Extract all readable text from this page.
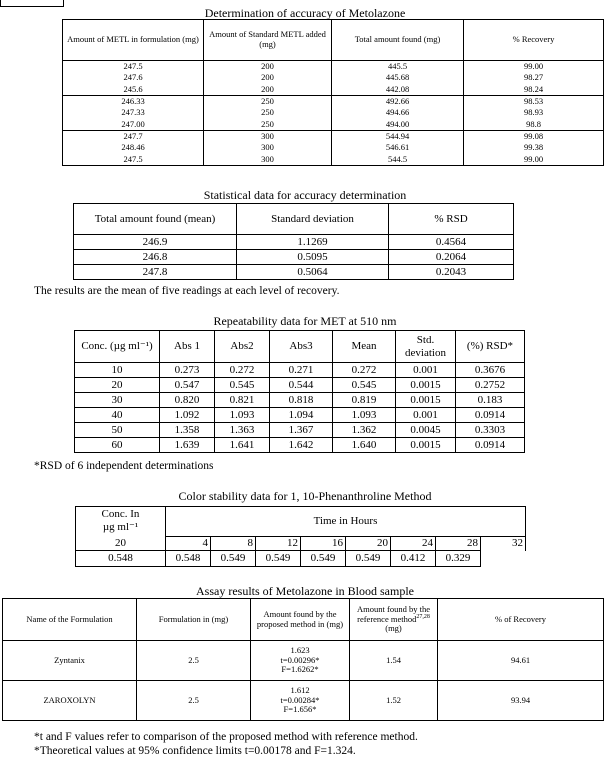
Determination of accuracy of Metolazone
Amount of METL in formulation (mg)	Amount of Standard METL added (mg)	Total amount found (mg)	% Recovery
247.5	200	445.5	99.00
247.6	200	445.68	98.27
245.6	200	442.08	98.24
246.33	250	492.66	98.53
247.33	250	494.66	98.93
247.00	250	494.00	98.8
247.7	300	544.94	99.08
248.46	300	546.61	99.38
247.5	300	544.5	99.00
Statistical data for accuracy determination
Total amount found (mean)	Standard deviation	% RSD
246.9	1.1269	0.4564
246.8	0.5095	0.2064
247.8	0.5064	0.2043
The results are the mean of five readings at each level of recovery.
Repeatability data for MET at 510 nm
Conc. (µg ml⁻¹)	Abs 1	Abs2	Abs3	Mean	Std. deviation	(%) RSD*
10	0.273	0.272	0.271	0.272	0.001	0.3676
20	0.547	0.545	0.544	0.545	0.0015	0.2752
30	0.820	0.821	0.818	0.819	0.0015	0.183
40	1.092	1.093	1.094	1.093	0.001	0.0914
50	1.358	1.363	1.367	1.362	0.0045	0.3303
60	1.639	1.641	1.642	1.640	0.0015	0.0914
*RSD of 6 independent determinations
Color stability data for 1, 10-Phenanthroline Method
Conc. In
µg ml⁻¹
20	Time in Hours							
	4	8	12	16	20	24	28	32
0.548	0.548	0.549	0.549	0.549	0.549	0.412	0.329	
Assay results of Metolazone in Blood sample
Name of the Formulation	Formulation in (mg)	Amount found by the proposed method in (mg)	Amount found by the reference method$^{27,28}$ (mg)	% of Recovery
Zyntanix	2.5	1.623
t=0.00296*
F=1.6262*	1.54	94.61
ZAROXOLYN	2.5	1.612
t=0.00284*
F=1.656*	1.52	93.94
*t and F values refer to comparison of the proposed method with reference method.
*Theoretical values at 95% confidence limits t=0.00178 and F=1.324.
